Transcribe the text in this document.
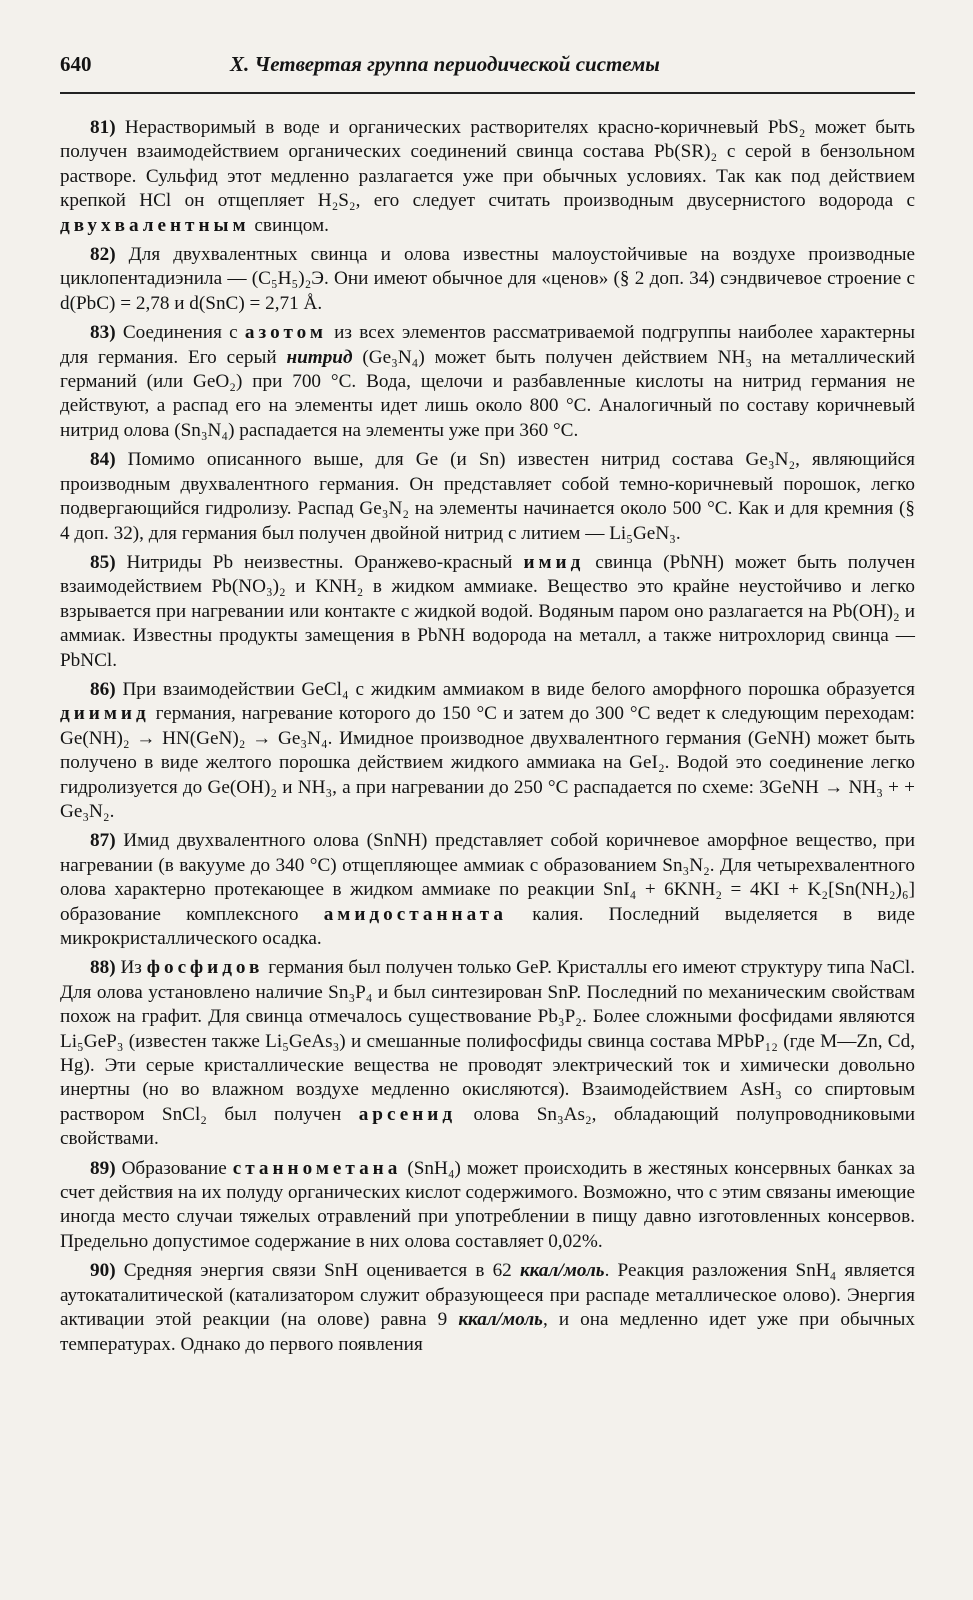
640	X. Четвертая группа периодической системы

81) Нерастворимый в воде и органических растворителях красно-коричневый PbS₂ может быть получен взаимодействием органических соединений свинца состава Pb(SR)₂ с серой в бензольном растворе. Сульфид этот медленно разлагается уже при обычных условиях. Так как под действием крепкой HCl он отщепляет H₂S₂, его следует считать производным двусернистого водорода с двухвалентным свинцом.

82) Для двухвалентных свинца и олова известны малоустойчивые на воздухе производные циклопентадиэнила — (C₅H₅)₂Э. Они имеют обычное для «ценов» (§ 2 доп. 34) сэндвичевое строение с d(PbC) = 2,78 и d(SnC) = 2,71 Å.

83) Соединения с азотом из всех элементов рассматриваемой подгруппы наиболее характерны для германия. Его серый нитрид (Ge₃N₄) может быть получен действием NH₃ на металлический германий (или GeO₂) при 700 °C. Вода, щелочи и разбавленные кислоты на нитрид германия не действуют, а распад его на элементы идет лишь около 800 °C. Аналогичный по составу коричневый нитрид олова (Sn₃N₄) распадается на элементы уже при 360 °C.

84) Помимо описанного выше, для Ge (и Sn) известен нитрид состава Ge₃N₂, являющийся производным двухвалентного германия. Он представляет собой темно-коричневый порошок, легко подвергающийся гидролизу. Распад Ge₃N₂ на элементы начинается около 500 °C. Как и для кремния (§ 4 доп. 32), для германия был получен двойной нитрид с литием — Li₅GeN₃.

85) Нитриды Pb неизвестны. Оранжево-красный имид свинца (PbNH) может быть получен взаимодействием Pb(NO₃)₂ и KNH₂ в жидком аммиаке. Вещество это крайне неустойчиво и легко взрывается при нагревании или контакте с жидкой водой. Водяным паром оно разлагается на Pb(OH)₂ и аммиак. Известны продукты замещения в PbNH водорода на металл, а также нитрохлорид свинца — PbNCl.

86) При взаимодействии GeCl₄ с жидким аммиаком в виде белого аморфного порошка образуется диимид германия, нагревание которого до 150 °C и затем до 300 °C ведет к следующим переходам: Ge(NH)₂ → HN(GeN)₂ → Ge₃N₄. Имидное производное двухвалентного германия (GeNH) может быть получено в виде желтого порошка действием жидкого аммиака на GeI₂. Водой это соединение легко гидролизуется до Ge(OH)₂ и NH₃, а при нагревании до 250 °C распадается по схеме: 3GeNH → NH₃ + + Ge₃N₂.

87) Имид двухвалентного олова (SnNH) представляет собой коричневое аморфное вещество, при нагревании (в вакууме до 340 °C) отщепляющее аммиак с образованием Sn₃N₂. Для четырехвалентного олова характерно протекающее в жидком аммиаке по реакции SnI₄ + 6KNH₂ = 4KI + K₂[Sn(NH₂)₆] образование комплексного амидостанната калия. Последний выделяется в виде микрокристаллического осадка.

88) Из фосфидов германия был получен только GeP. Кристаллы его имеют структуру типа NaCl. Для олова установлено наличие Sn₃P₄ и был синтезирован SnP. Последний по механическим свойствам похож на графит. Для свинца отмечалось существование Pb₃P₂. Более сложными фосфидами являются Li₅GeP₃ (известен также Li₅GeAs₃) и смешанные полифосфиды свинца состава MPbP₁₂ (где M—Zn, Cd, Hg). Эти серые кристаллические вещества не проводят электрический ток и химически довольно инертны (но во влажном воздухе медленно окисляются). Взаимодействием AsH₃ со спиртовым раствором SnCl₂ был получен арсенид олова Sn₃As₂, обладающий полупроводниковыми свойствами.

89) Образование станнометана (SnH₄) может происходить в жестяных консервных банках за счет действия на их полуду органических кислот содержимого. Возможно, что с этим связаны имеющие иногда место случаи тяжелых отравлений при употреблении в пищу давно изготовленных консервов. Предельно допустимое содержание в них олова составляет 0,02%.

90) Средняя энергия связи SnH оценивается в 62 ккал/моль. Реакция разложения SnH₄ является аутокаталитической (катализатором служит образующееся при распаде металлическое олово). Энергия активации этой реакции (на олове) равна 9 ккал/моль, и она медленно идет уже при обычных температурах. Однако до первого появления
